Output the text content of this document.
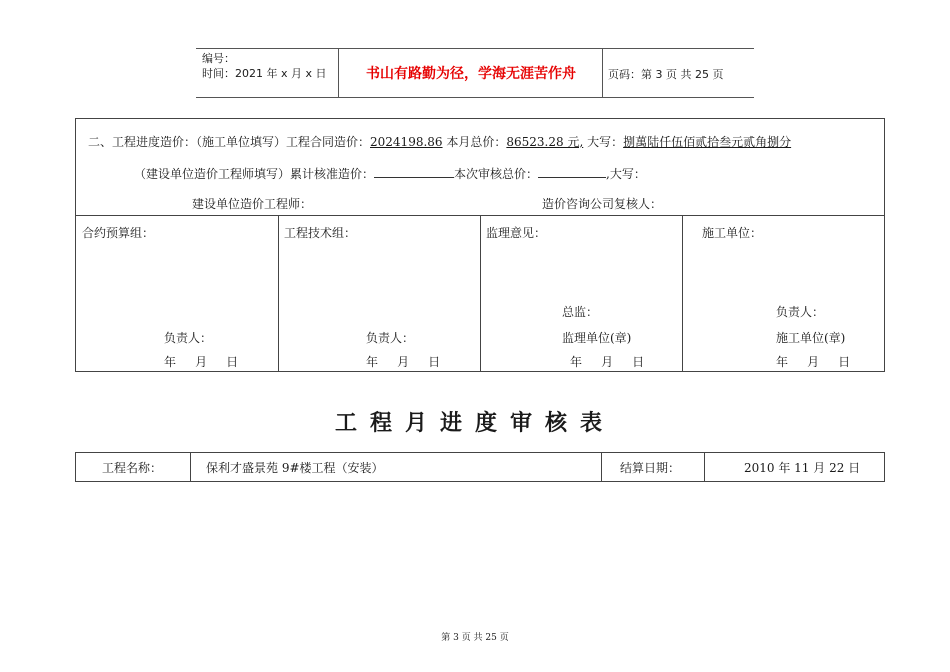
编号：
时间：2021 年 x 月 x 日	书山有路勤为径，学海无涯苦作舟	页码：第 3 页 共 25 页
二、工程进度造价：（施工单位填写）工程合同造价：2024198.86 本月总价：86523.28 元, 大写：捌萬陆仟伍佰贰拾叁元贰角捌分
（建设单位造价工程师填写）累计核准造价：	本次审核总价：	,大写：
建设单位造价工程师：	造价咨询公司复核人：
合约预算组：
负责人：
年     月     日
工程技术组：
负责人：
年     月     日
监理意见：
总监：
监理单位(章)
年     月     日
施工单位：
负责人：
施工单位(章)
年     月     日
工程月进度审核表
工程名称：	保利才盛景苑 9#楼工程（安装）	结算日期：	2010 年 11 月 22 日
第 3 页 共 25 页
